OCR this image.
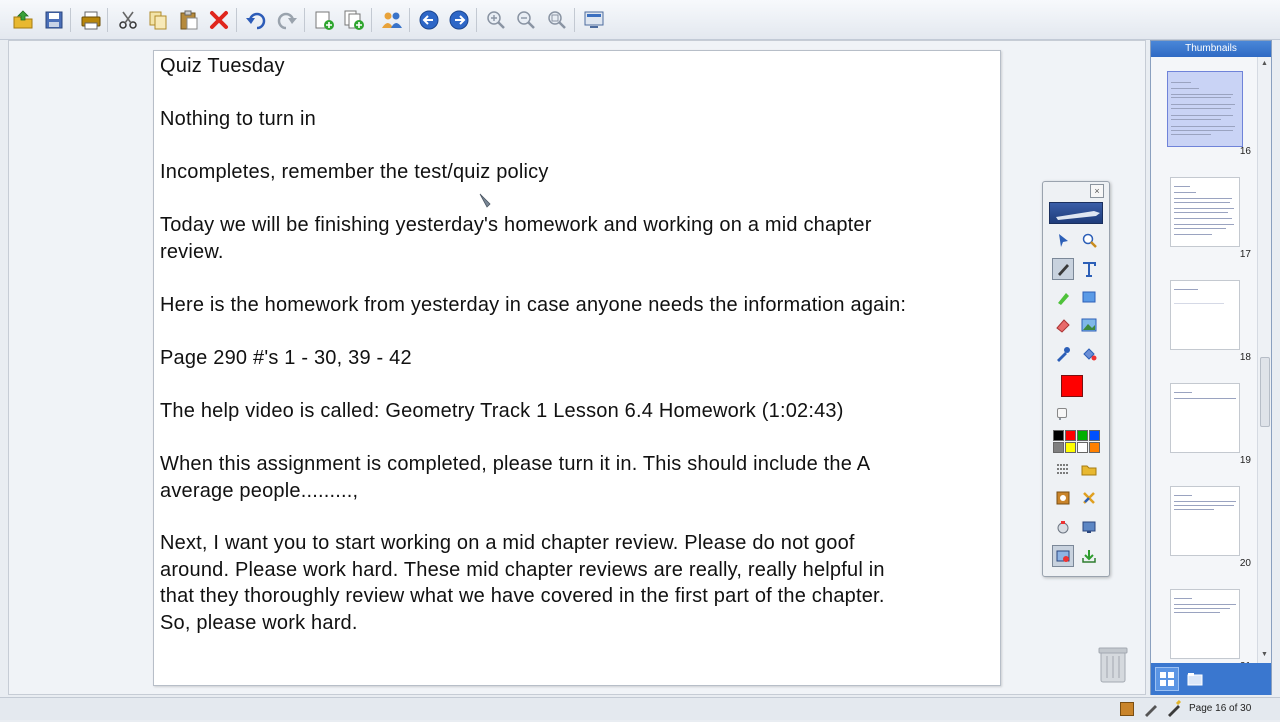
Quiz Tuesday
Nothing to turn in
Incompletes, remember the test/quiz policy
Today we will be finishing yesterday's homework and working on a mid chapter
review.
Here is the homework from yesterday in case anyone needs the information again:
Page 290 #'s 1 - 30, 39 - 42
The help video is called: Geometry Track 1 Lesson 6.4 Homework (1:02:43)
When this assignment is completed, please turn it in. This should include the A
average people.........,
Next, I want you to start working on a mid chapter review. Please do not goof
around. Please work hard. These mid chapter reviews are really, really helpful in
that they thoroughly review what we have covered in the first part of the chapter.
So, please work hard.
×
Thumbnails
16
17
18
19
20
▲
▼
Page 16 of 30
